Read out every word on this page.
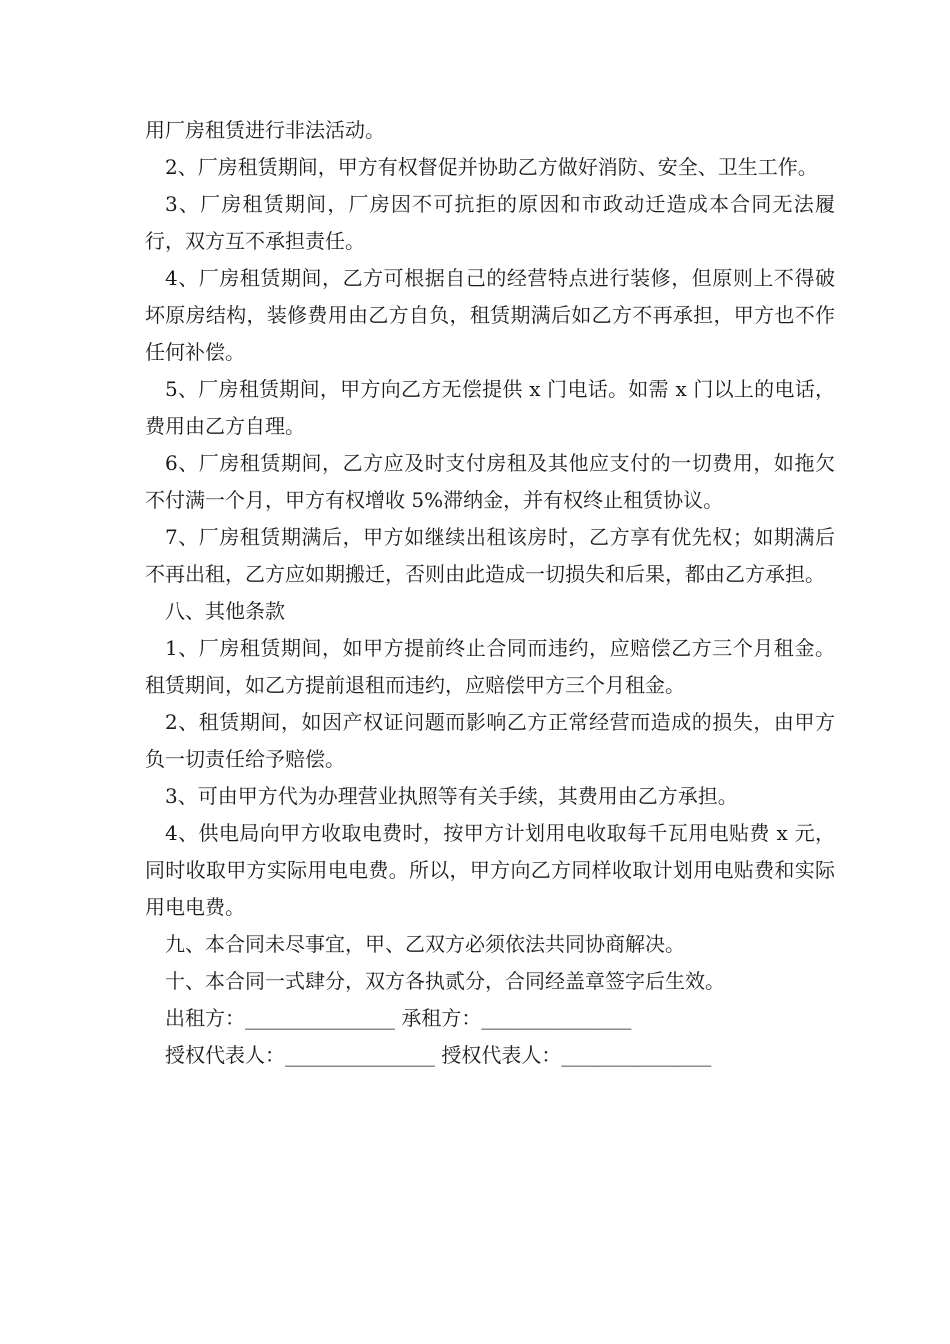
用厂房租赁进行非法活动。

2、厂房租赁期间，甲方有权督促并协助乙方做好消防、安全、卫生工作。

3、厂房租赁期间，厂房因不可抗拒的原因和市政动迁造成本合同无法履行，双方互不承担责任。

4、厂房租赁期间，乙方可根据自己的经营特点进行装修，但原则上不得破坏原房结构，装修费用由乙方自负，租赁期满后如乙方不再承担，甲方也不作任何补偿。

5、厂房租赁期间，甲方向乙方无偿提供 x 门电话。如需 x 门以上的电话，费用由乙方自理。

6、厂房租赁期间，乙方应及时支付房租及其他应支付的一切费用，如拖欠不付满一个月，甲方有权增收 5%滞纳金，并有权终止租赁协议。

7、厂房租赁期满后，甲方如继续出租该房时，乙方享有优先权；如期满后不再出租，乙方应如期搬迁，否则由此造成一切损失和后果，都由乙方承担。

八、其他条款

1、厂房租赁期间，如甲方提前终止合同而违约，应赔偿乙方三个月租金。租赁期间，如乙方提前退租而违约，应赔偿甲方三个月租金。

2、租赁期间，如因产权证问题而影响乙方正常经营而造成的损失，由甲方负一切责任给予赔偿。

3、可由甲方代为办理营业执照等有关手续，其费用由乙方承担。

4、供电局向甲方收取电费时，按甲方计划用电收取每千瓦用电贴费 x 元，同时收取甲方实际用电电费。所以，甲方向乙方同样收取计划用电贴费和实际用电电费。

九、本合同未尽事宜，甲、乙双方必须依法共同协商解决。

十、本合同一式肆分，双方各执贰分，合同经盖章签字后生效。

出租方：_______________ 承租方：_______________

授权代表人：_______________ 授权代表人：_______________
